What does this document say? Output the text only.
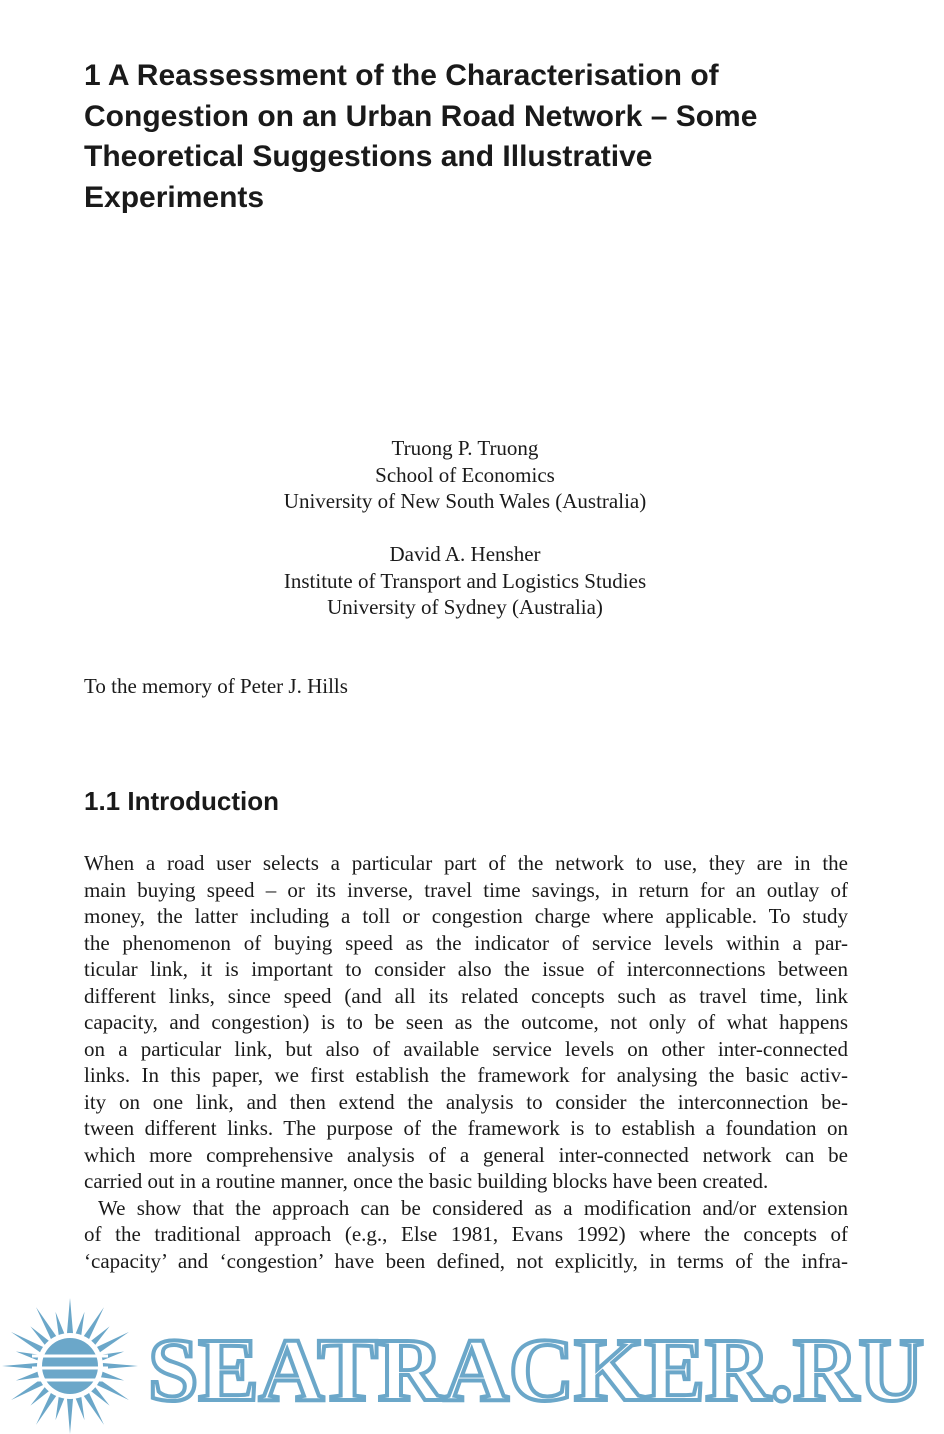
1 A Reassessment of the Characterisation of
Congestion on an Urban Road Network – Some
Theoretical Suggestions and Illustrative
Experiments
Truong P. Truong
School of Economics
University of New South Wales (Australia)
David A. Hensher
Institute of Transport and Logistics Studies
University of Sydney (Australia)
To the memory of Peter J. Hills
1.1 Introduction
When a road user selects a particular part of the network to use, they are in the
main buying speed – or its inverse, travel time savings, in return for an outlay of
money, the latter including a toll or congestion charge where applicable. To study
the phenomenon of buying speed as the indicator of service levels within a par-
ticular link, it is important to consider also the issue of interconnections between
different links, since speed (and all its related concepts such as travel time, link
capacity, and congestion) is to be seen as the outcome, not only of what happens
on a particular link, but also of available service levels on other inter-connected
links. In this paper, we first establish the framework for analysing the basic activ-
ity on one link, and then extend the analysis to consider the interconnection be-
tween different links. The purpose of the framework is to establish a foundation on
which more comprehensive analysis of a general inter-connected network can be
carried out in a routine manner, once the basic building blocks have been created.
We show that the approach can be considered as a modification and/or extension
of the traditional approach (e.g., Else 1981, Evans 1992) where the concepts of
‘capacity’ and ‘congestion’ have been defined, not explicitly, in terms of the infra-
SEATRACKER.RU
